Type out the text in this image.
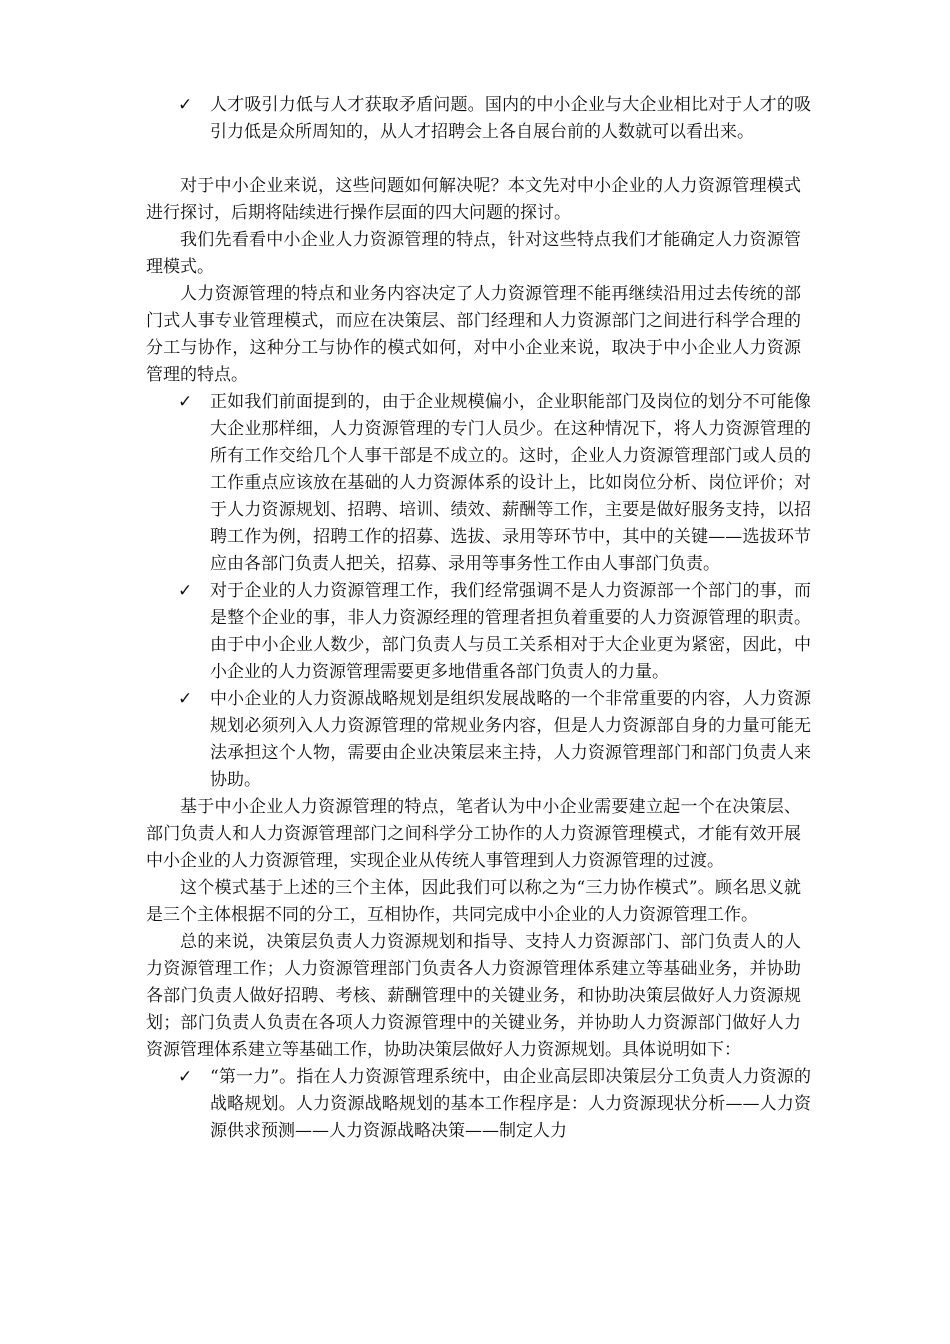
✓	人才吸引力低与人才获取矛盾问题。国内的中小企业与大企业相比对于人才的吸引力低是众所周知的，从人才招聘会上各自展台前的人数就可以看出来。

对于中小企业来说，这些问题如何解决呢？本文先对中小企业的人力资源管理模式进行探讨，后期将陆续进行操作层面的四大问题的探讨。

我们先看看中小企业人力资源管理的特点，针对这些特点我们才能确定人力资源管理模式。

人力资源管理的特点和业务内容决定了人力资源管理不能再继续沿用过去传统的部门式人事专业管理模式，而应在决策层、部门经理和人力资源部门之间进行科学合理的分工与协作，这种分工与协作的模式如何，对中小企业来说，取决于中小企业人力资源管理的特点。

✓	正如我们前面提到的，由于企业规模偏小，企业职能部门及岗位的划分不可能像大企业那样细，人力资源管理的专门人员少。在这种情况下，将人力资源管理的所有工作交给几个人事干部是不成立的。这时，企业人力资源管理部门或人员的工作重点应该放在基础的人力资源体系的设计上，比如岗位分析、岗位评价；对于人力资源规划、招聘、培训、绩效、薪酬等工作，主要是做好服务支持，以招聘工作为例，招聘工作的招募、选拔、录用等环节中，其中的关键——选拔环节应由各部门负责人把关，招募、录用等事务性工作由人事部门负责。

✓	对于企业的人力资源管理工作，我们经常强调不是人力资源部一个部门的事，而是整个企业的事，非人力资源经理的管理者担负着重要的人力资源管理的职责。由于中小企业人数少，部门负责人与员工关系相对于大企业更为紧密，因此，中小企业的人力资源管理需要更多地借重各部门负责人的力量。

✓	中小企业的人力资源战略规划是组织发展战略的一个非常重要的内容，人力资源规划必须列入人力资源管理的常规业务内容，但是人力资源部自身的力量可能无法承担这个人物，需要由企业决策层来主持，人力资源管理部门和部门负责人来协助。

基于中小企业人力资源管理的特点，笔者认为中小企业需要建立起一个在决策层、部门负责人和人力资源管理部门之间科学分工协作的人力资源管理模式，才能有效开展中小企业的人力资源管理，实现企业从传统人事管理到人力资源管理的过渡。

这个模式基于上述的三个主体，因此我们可以称之为“三力协作模式”。顾名思义就是三个主体根据不同的分工，互相协作，共同完成中小企业的人力资源管理工作。

总的来说，决策层负责人力资源规划和指导、支持人力资源部门、部门负责人的人力资源管理工作；人力资源管理部门负责各人力资源管理体系建立等基础业务，并协助各部门负责人做好招聘、考核、薪酬管理中的关键业务，和协助决策层做好人力资源规划；部门负责人负责在各项人力资源管理中的关键业务，并协助人力资源部门做好人力资源管理体系建立等基础工作，协助决策层做好人力资源规划。具体说明如下：

✓	“第一力”。指在人力资源管理系统中，由企业高层即决策层分工负责人力资源的战略规划。人力资源战略规划的基本工作程序是：人力资源现状分析——人力资源供求预测——人力资源战略决策——制定人力
